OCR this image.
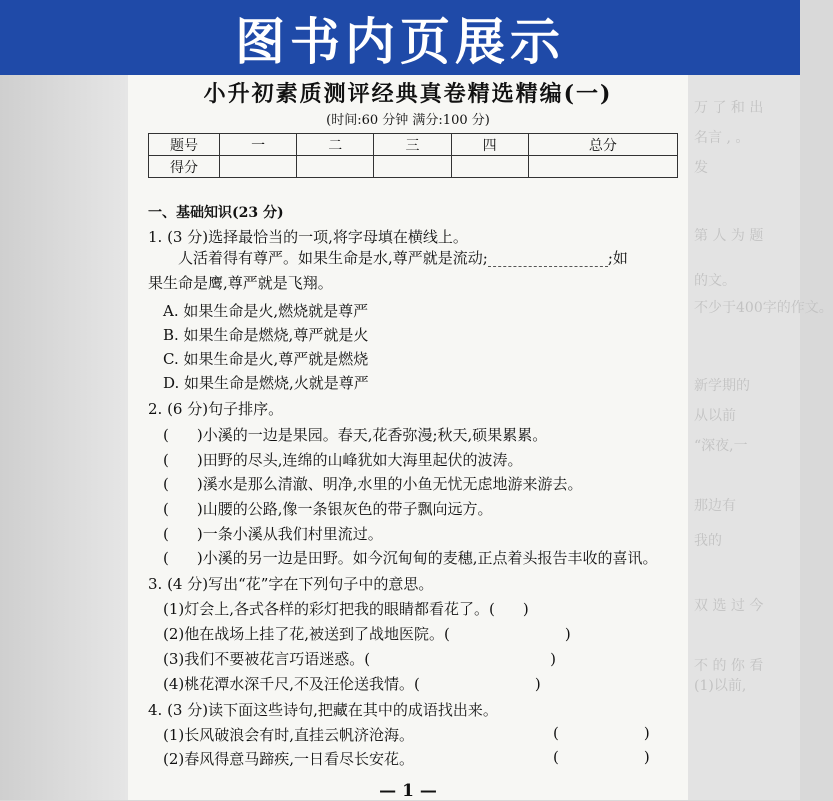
图书内页展示
万 了 和 出
名言 , 。
发
第 人 为 题
的文。
不少于400字的作文。
新学期的
从以前
“深夜,一
那边有
我的
双 选 过 今
不 的 你 看
(1)以前,
小升初素质测评经典真卷精选精编(一)
(时间:60 分钟 满分:100 分)
题号	一	二	三	四	总分
得分					
一、基础知识(23 分)
1. (3 分)选择最恰当的一项,将字母填在横线上。
人活着得有尊严。如果生命是水,尊严就是流动;	;如
果生命是鹰,尊严就是飞翔。
A. 如果生命是火,燃烧就是尊严
B. 如果生命是燃烧,尊严就是火
C. 如果生命是火,尊严就是燃烧
D. 如果生命是燃烧,火就是尊严
2. (6 分)句子排序。
( )小溪的一边是果园。春天,花香弥漫;秋天,硕果累累。
( )田野的尽头,连绵的山峰犹如大海里起伏的波涛。
( )溪水是那么清澈、明净,水里的小鱼无忧无虑地游来游去。
( )山腰的公路,像一条银灰色的带子飘向远方。
( )一条小溪从我们村里流过。
( )小溪的另一边是田野。如今沉甸甸的麦穗,正点着头报告丰收的喜讯。
3. (4 分)写出“花”字在下列句子中的意思。
(1)灯会上,各式各样的彩灯把我的眼睛都看花了。( )
(2)他在战场上挂了花,被送到了战地医院。(	)
(3)我们不要被花言巧语迷惑。(	)
(4)桃花潭水深千尺,不及汪伦送我情。(	)
4. (3 分)读下面这些诗句,把藏在其中的成语找出来。
(1)长风破浪会有时,直挂云帆济沧海。	(	)
(2)春风得意马蹄疾,一日看尽长安花。	(	)
— 1 —
